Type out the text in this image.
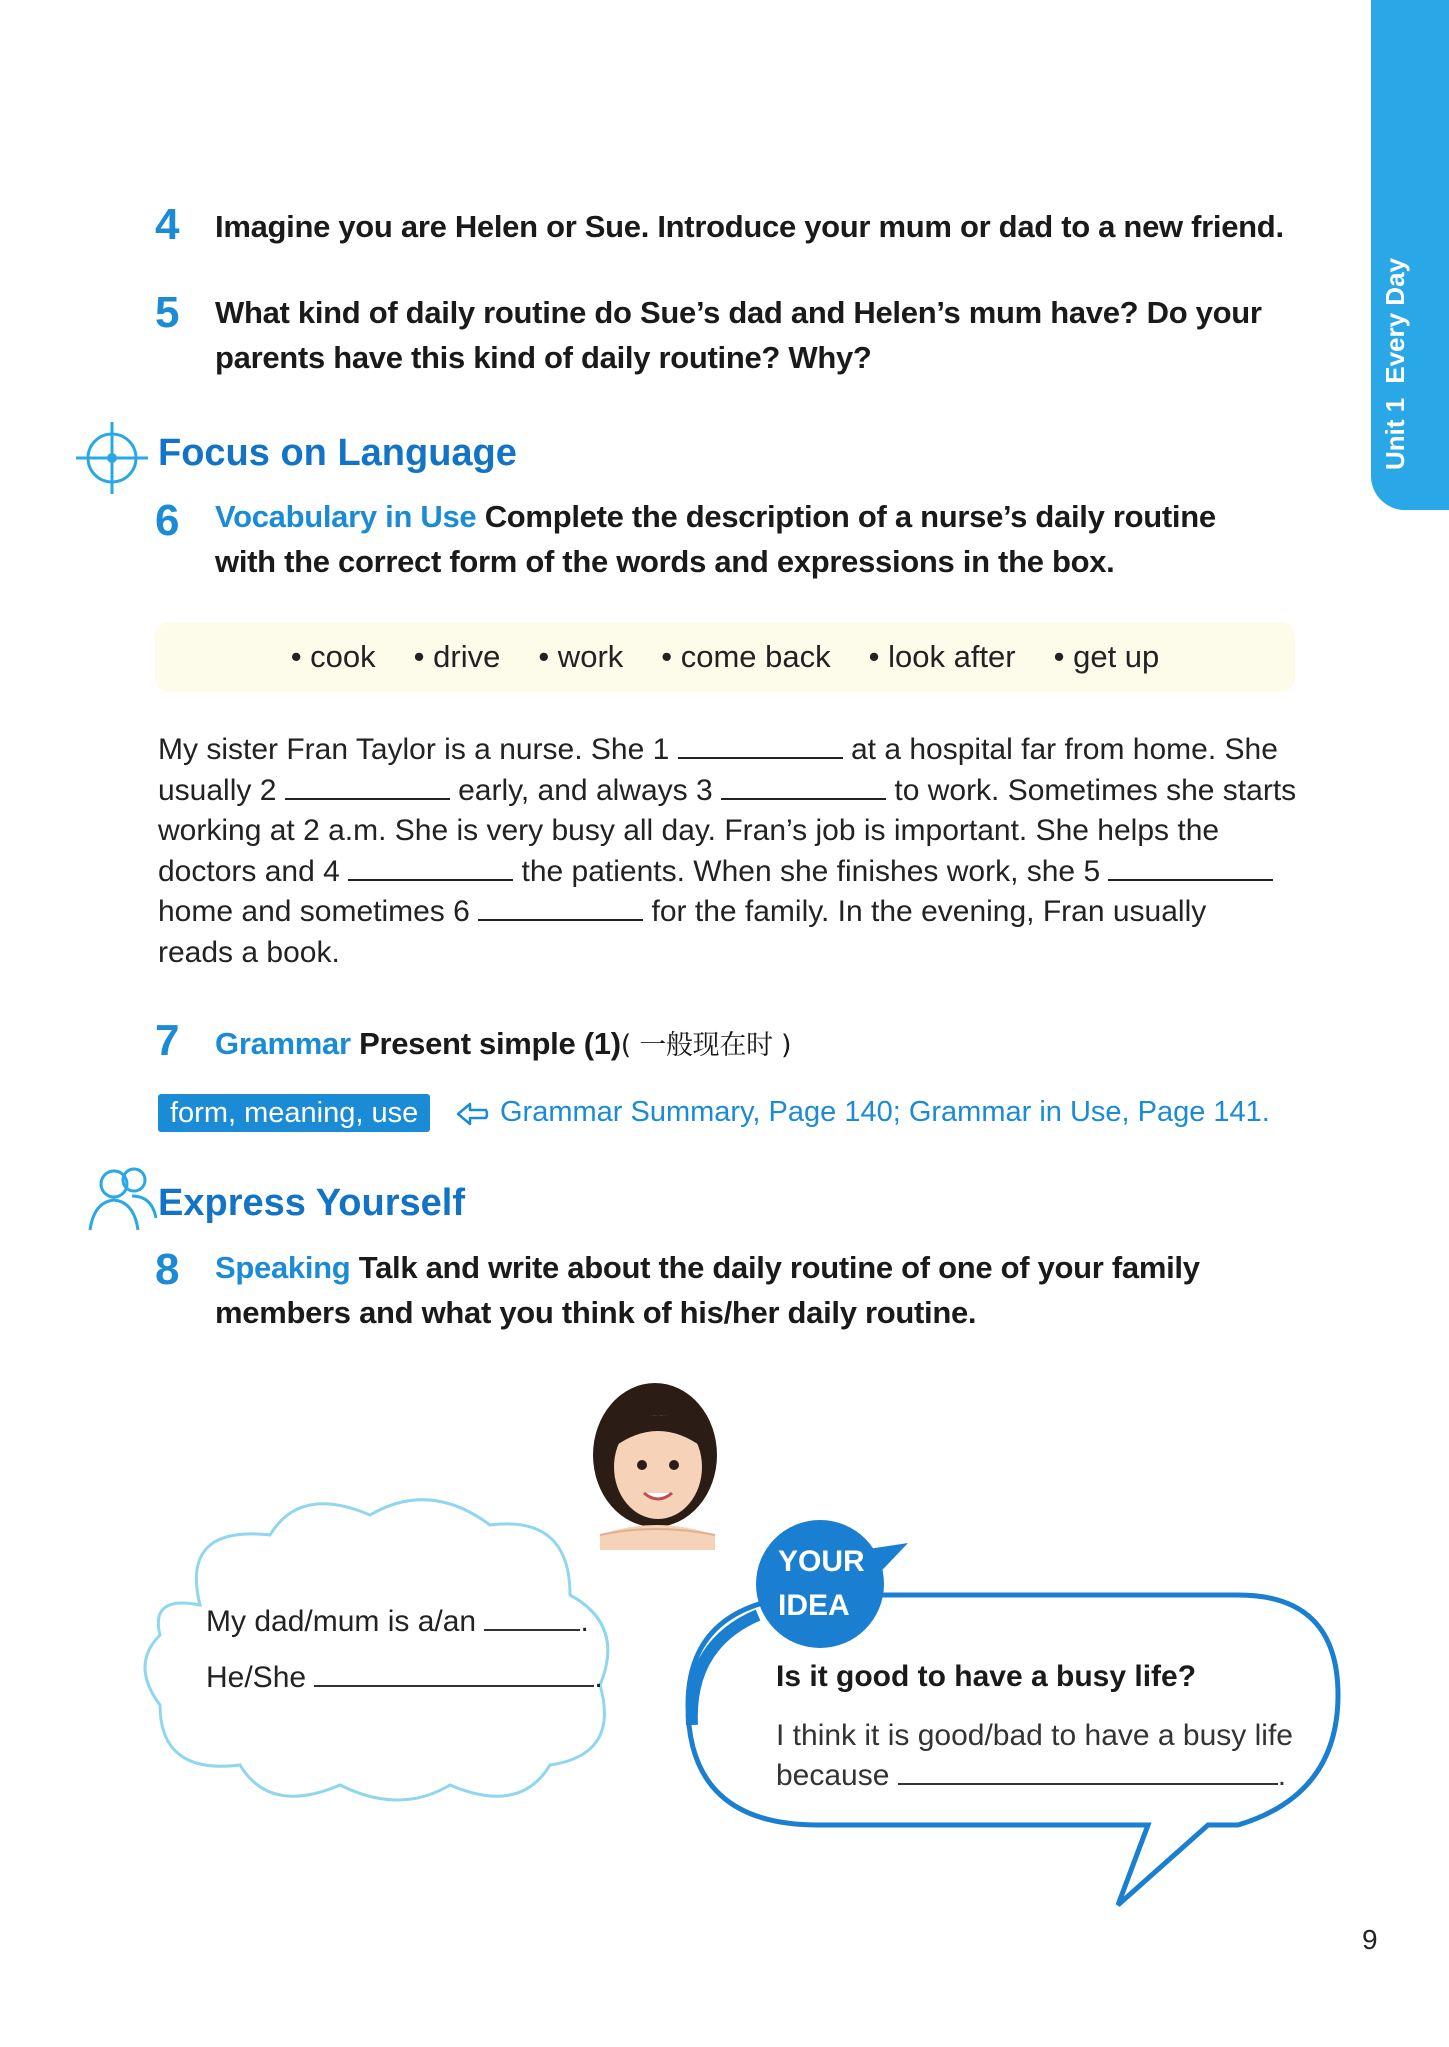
Unit 1Every Day
4 Imagine you are Helen or Sue. Introduce your mum or dad to a new friend.
5 What kind of daily routine do Sue’s dad and Helen’s mum have? Do your
parents have this kind of daily routine? Why?
Focus on Language
6 Vocabulary in Use Complete the description of a nurse’s daily routine
with the correct form of the words and expressions in the box.
• cook • drive • work • come back • look after • get up
My sister Fran Taylor is a nurse. She 1	at a hospital far from home. She
usually 2	early, and always 3	to work. Sometimes she starts
working at 2 a.m. She is very busy all day. Fran’s job is important. She helps the
doctors and 4	the patients. When she finishes work, she 5
home and sometimes 6	for the family. In the evening, Fran usually
reads a book.
7 Grammar Present simple (1)( 一般现在时 )
form, meaning, use	Grammar Summary, Page 140; Grammar in Use, Page 141.
Express Yourself
8 Speaking Talk and write about the daily routine of one of your family
members and what you think of his/her daily routine.
My dad/mum is a/an	.
He/She	.
YOUR
IDEA
Is it good to have a busy life?
I think it is good/bad to have a busy life
because	.
9
